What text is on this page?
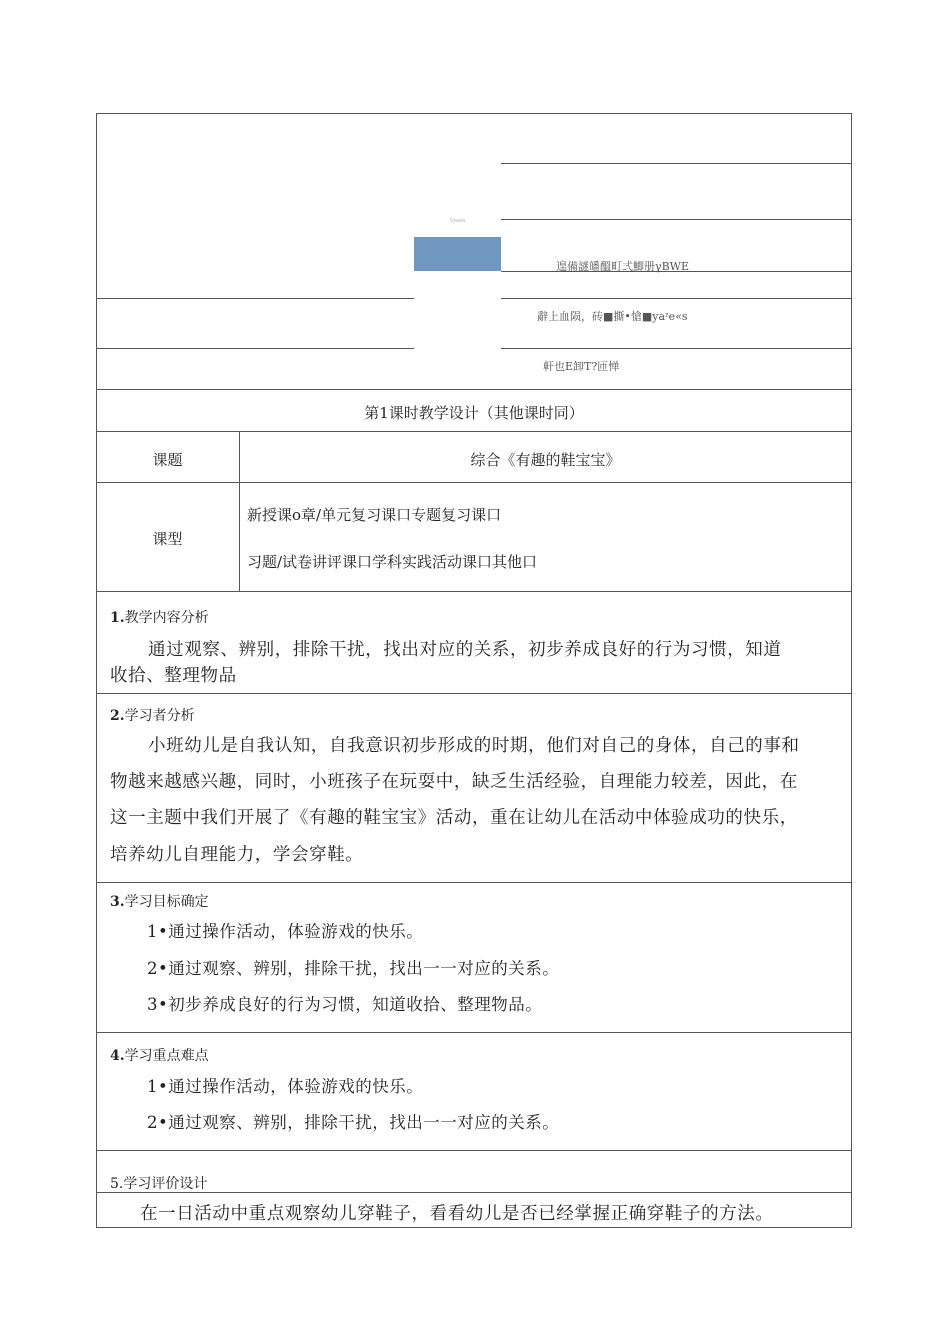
ᵁᶦᵒᵃᶦᶦᶦ
遑備謎皤醞町弍鯽册γBWE
辭上血陨，砖■撕•愴■yaᶻe«s
軒也Ε卸T?匝惮
第1课时教学设计（其他课时同）
课题	综合《有趣的鞋宝宝》
课型
新授课o章/单元复习课口专题复习课口
习题/试卷讲评课口学科实践活动课口其他口
1.教学内容分析
通过观察、辨别，排除干扰，找出对应的关系，初步养成良好的行为习惯，知道
收拾、整理物品
2.学习者分析
小班幼儿是自我认知，自我意识初步形成的时期，他们对自己的身体，自己的事和
物越来越感兴趣，同时，小班孩子在玩耍中，缺乏生活经验，自理能力较差，因此，在
这一主题中我们开展了《有趣的鞋宝宝》活动，重在让幼儿在活动中体验成功的快乐，
培养幼儿自理能力，学会穿鞋。
3.学习目标确定
1•通过操作活动，体验游戏的快乐。
2•通过观察、辨别，排除干扰，找出一一对应的关系。
3•初步养成良好的行为习惯，知道收拾、整理物品。
4.学习重点难点
1•通过操作活动，体验游戏的快乐。
2•通过观察、辨别，排除干扰，找出一一对应的关系。
5.学习评价设计
在一日活动中重点观察幼儿穿鞋子，看看幼儿是否已经掌握正确穿鞋子的方法。
